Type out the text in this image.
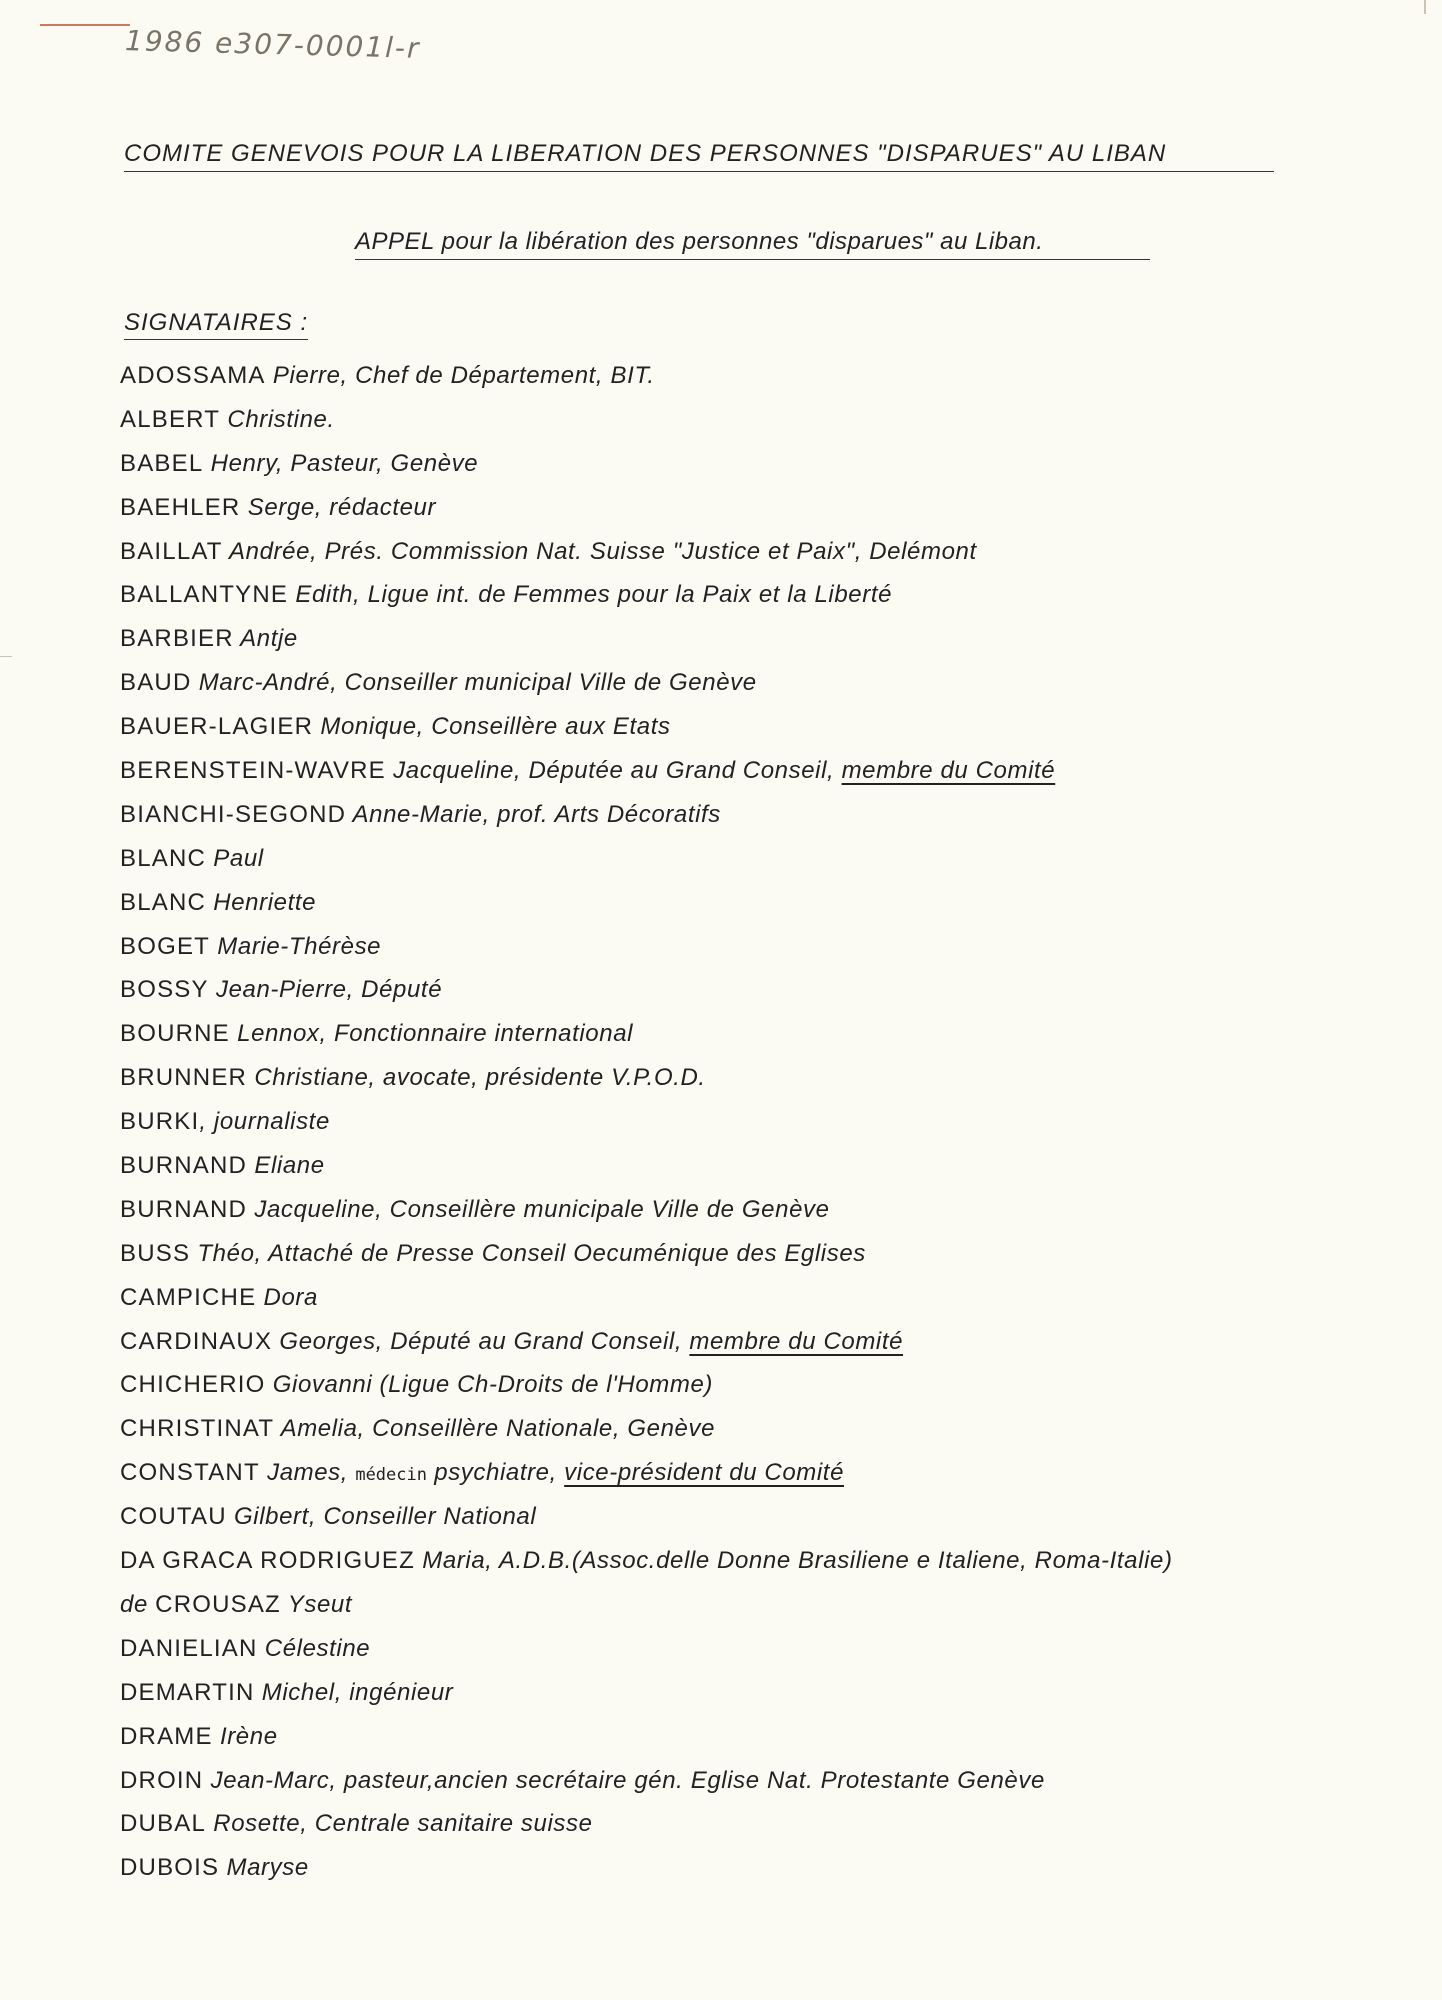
1986 e307-0001l-r
COMITE GENEVOIS POUR LA LIBERATION DES PERSONNES "DISPARUES" AU LIBAN
APPEL pour la libération des personnes "disparues" au Liban.
SIGNATAIRES :
ADOSSAMA Pierre, Chef de Département, BIT.
ALBERT Christine.
BABEL Henry, Pasteur, Genève
BAEHLER Serge, rédacteur
BAILLAT Andrée, Prés. Commission Nat. Suisse "Justice et Paix", Delémont
BALLANTYNE Edith, Ligue int. de Femmes pour la Paix et la Liberté
BARBIER Antje
BAUD Marc-André, Conseiller municipal Ville de Genève
BAUER-LAGIER Monique, Conseillère aux Etats
BERENSTEIN-WAVRE Jacqueline, Députée au Grand Conseil, membre du Comité
BIANCHI-SEGOND Anne-Marie, prof. Arts Décoratifs
BLANC Paul
BLANC Henriette
BOGET Marie-Thérèse
BOSSY Jean-Pierre, Député
BOURNE Lennox, Fonctionnaire international
BRUNNER Christiane, avocate, présidente V.P.O.D.
BURKI, journaliste
BURNAND Eliane
BURNAND Jacqueline, Conseillère municipale Ville de Genève
BUSS Théo, Attaché de Presse Conseil Oecuménique des Eglises
CAMPICHE Dora
CARDINAUX Georges, Député au Grand Conseil, membre du Comité
CHICHERIO Giovanni (Ligue Ch-Droits de l'Homme)
CHRISTINAT Amelia, Conseillère Nationale, Genève
CONSTANT James, médecin psychiatre, vice-président du Comité
COUTAU Gilbert, Conseiller National
DA GRACA RODRIGUEZ Maria, A.D.B.(Assoc.delle Donne Brasiliene e Italiene, Roma-Italie)
de CROUSAZ Yseut
DANIELIAN Célestine
DEMARTIN Michel, ingénieur
DRAME Irène
DROIN Jean-Marc, pasteur,ancien secrétaire gén. Eglise Nat. Protestante Genève
DUBAL Rosette, Centrale sanitaire suisse
DUBOIS Maryse
